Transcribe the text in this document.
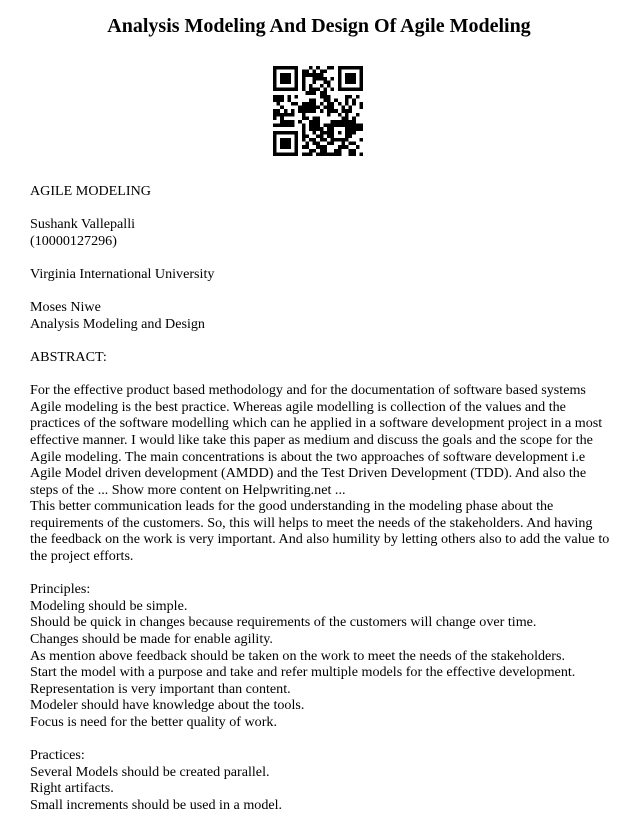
Analysis Modeling And Design Of Agile Modeling
AGILE MODELING
Sushank Vallepalli
(10000127296)
Virginia International University
Moses Niwe
Analysis Modeling and Design
ABSTRACT:
For the effective product based methodology and for the documentation of software based systems
Agile modeling is the best practice. Whereas agile modelling is collection of the values and the
practices of the software modelling which can he applied in a software development project in a most
effective manner. I would like take this paper as medium and discuss the goals and the scope for the
Agile modeling. The main concentrations is about the two approaches of software development i.e
Agile Model driven development (AMDD) and the Test Driven Development (TDD). And also the
steps of the ... Show more content on Helpwriting.net ...
This better communication leads for the good understanding in the modeling phase about the
requirements of the customers. So, this will helps to meet the needs of the stakeholders. And having
the feedback on the work is very important. And also humility by letting others also to add the value to
the project efforts.
Principles:
Modeling should be simple.
Should be quick in changes because requirements of the customers will change over time.
Changes should be made for enable agility.
As mention above feedback should be taken on the work to meet the needs of the stakeholders.
Start the model with a purpose and take and refer multiple models for the effective development.
Representation is very important than content.
Modeler should have knowledge about the tools.
Focus is need for the better quality of work.
Practices:
Several Models should be created parallel.
Right artifacts.
Small increments should be used in a model.
